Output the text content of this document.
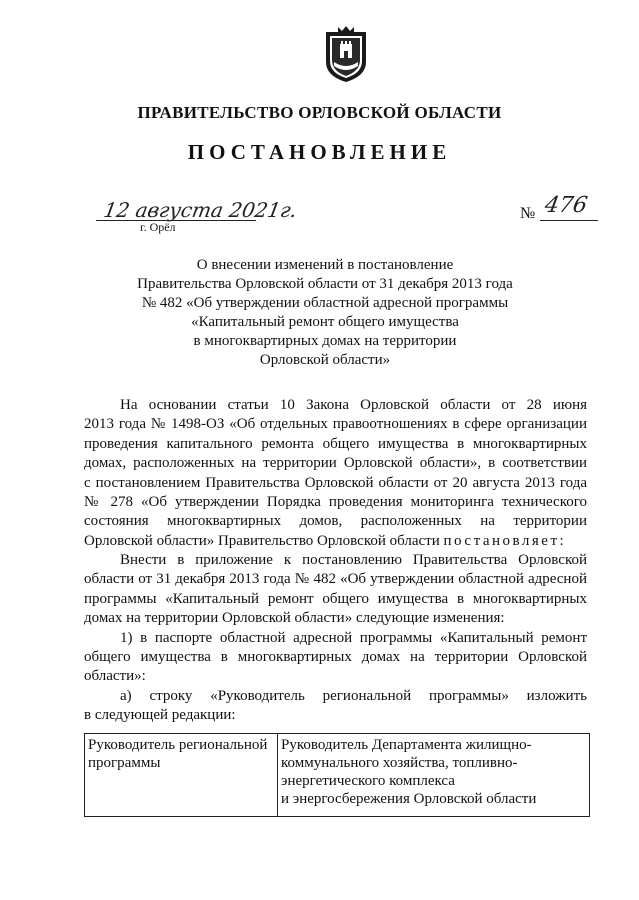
ПРАВИТЕЛЬСТВО ОРЛОВСКОЙ ОБЛАСТИ
ПОСТАНОВЛЕНИЕ
12 августа 2021г.
г. Орёл
№ 476
О внесении изменений в постановление
Правительства Орловской области от 31 декабря 2013 года
№ 482 «Об утверждении областной адресной программы
«Капитальный ремонт общего имущества
в многоквартирных домах на территории
Орловской области»
На основании статьи 10 Закона Орловской области от 28 июня
2013 года № 1498-ОЗ «Об отдельных правоотношениях в сфере организации
проведения капитального ремонта общего имущества в многоквартирных
домах, расположенных на территории Орловской области», в соответствии
с постановлением Правительства Орловской области от 20 августа 2013 года
№ 278 «Об утверждении Порядка проведения мониторинга технического
состояния многоквартирных домов, расположенных на территории
Орловской области» Правительство Орловской области постановляет:
Внести в приложение к постановлению Правительства Орловской
области от 31 декабря 2013 года № 482 «Об утверждении областной адресной
программы «Капитальный ремонт общего имущества в многоквартирных
домах на территории Орловской области» следующие изменения:
1) в паспорте областной адресной программы «Капитальный ремонт
общего имущества в многоквартирных домах на территории Орловской
области»:
а) строку «Руководитель региональной программы» изложить
в следующей редакции:
Руководитель региональной
программы

Руководитель Департамента жилищно-
коммунального хозяйства, топливно-
энергетического комплекса
и энергосбережения Орловской области
